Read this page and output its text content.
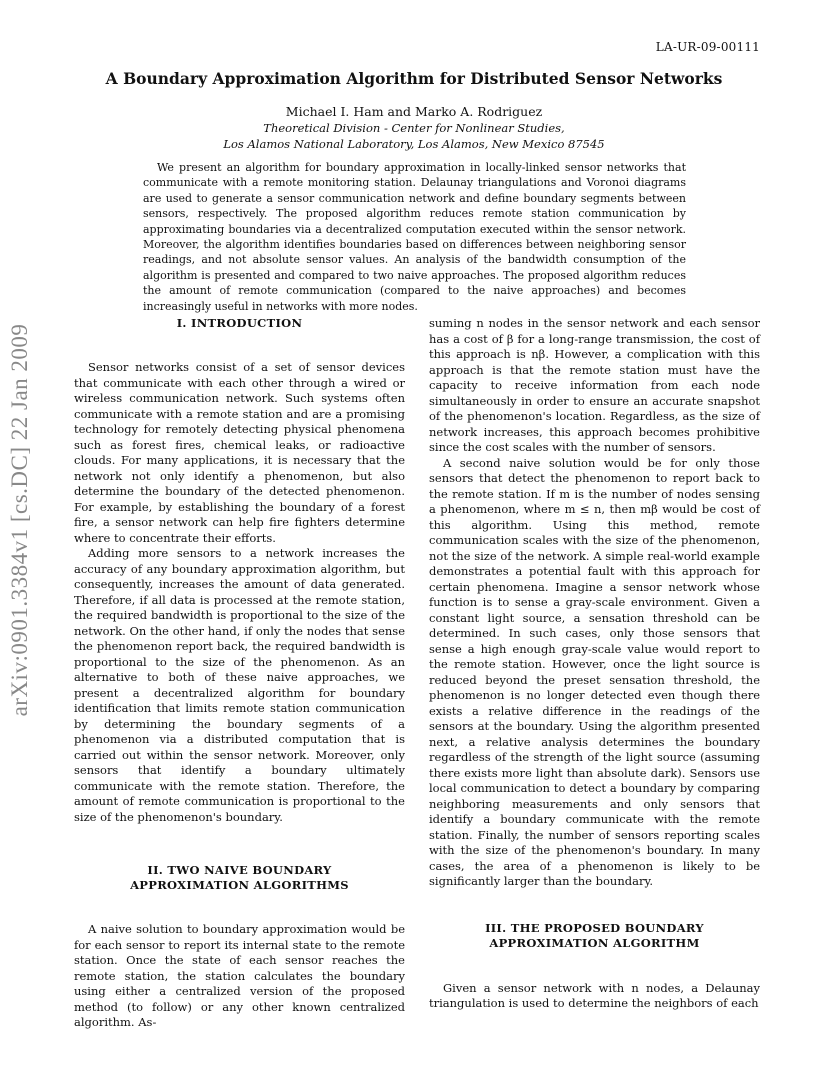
LA-UR-09-00111
A Boundary Approximation Algorithm for Distributed Sensor Networks
Michael I. Ham and Marko A. Rodriguez
Theoretical Division - Center for Nonlinear Studies,
Los Alamos National Laboratory, Los Alamos, New Mexico 87545

We present an algorithm for boundary approximation in locally-linked sensor networks that communicate with a remote monitoring station. Delaunay triangulations and Voronoi diagrams are used to generate a sensor communication network and define boundary segments between sensors, respectively. The proposed algorithm reduces remote station communication by approximating boundaries via a decentralized computation executed within the sensor network. Moreover, the algorithm identifies boundaries based on differences between neighboring sensor readings, and not absolute sensor values. An analysis of the bandwidth consumption of the algorithm is presented and compared to two naive approaches. The proposed algorithm reduces the amount of remote communication (compared to the naive approaches) and becomes increasingly useful in networks with more nodes.

arXiv:0901.3384v1 [cs.DC] 22 Jan 2009
I. INTRODUCTION

Sensor networks consist of a set of sensor devices that communicate with each other through a wired or wireless communication network. Such systems often communicate with a remote station and are a promising technology for remotely detecting physical phenomena such as forest fires, chemical leaks, or radioactive clouds. For many applications, it is necessary that the network not only identify a phenomenon, but also determine the boundary of the detected phenomenon. For example, by establishing the boundary of a forest fire, a sensor network can help fire fighters determine where to concentrate their efforts.

Adding more sensors to a network increases the accuracy of any boundary approximation algorithm, but consequently, increases the amount of data generated. Therefore, if all data is processed at the remote station, the required bandwidth is proportional to the size of the network. On the other hand, if only the nodes that sense the phenomenon report back, the required bandwidth is proportional to the size of the phenomenon. As an alternative to both of these naive approaches, we present a decentralized algorithm for boundary identification that limits remote station communication by determining the boundary segments of a phenomenon via a distributed computation that is carried out within the sensor network. Moreover, only sensors that identify a boundary ultimately communicate with the remote station. Therefore, the amount of remote communication is proportional to the size of the phenomenon's boundary.

II. TWO NAIVE BOUNDARY
APPROXIMATION ALGORITHMS

A naive solution to boundary approximation would be for each sensor to report its internal state to the remote station. Once the state of each sensor reaches the remote station, the station calculates the boundary using either a centralized version of the proposed method (to follow) or any other known centralized algorithm. As-

suming n nodes in the sensor network and each sensor has a cost of β for a long-range transmission, the cost of this approach is nβ. However, a complication with this approach is that the remote station must have the capacity to receive information from each node simultaneously in order to ensure an accurate snapshot of the phenomenon's location. Regardless, as the size of network increases, this approach becomes prohibitive since the cost scales with the number of sensors.

A second naive solution would be for only those sensors that detect the phenomenon to report back to the remote station. If m is the number of nodes sensing a phenomenon, where m ≤ n, then mβ would be cost of this algorithm. Using this method, remote communication scales with the size of the phenomenon, not the size of the network. A simple real-world example demonstrates a potential fault with this approach for certain phenomena. Imagine a sensor network whose function is to sense a gray-scale environment. Given a constant light source, a sensation threshold can be determined. In such cases, only those sensors that sense a high enough gray-scale value would report to the remote station. However, once the light source is reduced beyond the preset sensation threshold, the phenomenon is no longer detected even though there exists a relative difference in the readings of the sensors at the boundary. Using the algorithm presented next, a relative analysis determines the boundary regardless of the strength of the light source (assuming there exists more light than absolute dark). Sensors use local communication to detect a boundary by comparing neighboring measurements and only sensors that identify a boundary communicate with the remote station. Finally, the number of sensors reporting scales with the size of the phenomenon's boundary. In many cases, the area of a phenomenon is likely to be significantly larger than the boundary.

III. THE PROPOSED BOUNDARY
APPROXIMATION ALGORITHM

Given a sensor network with n nodes, a Delaunay triangulation is used to determine the neighbors of each
